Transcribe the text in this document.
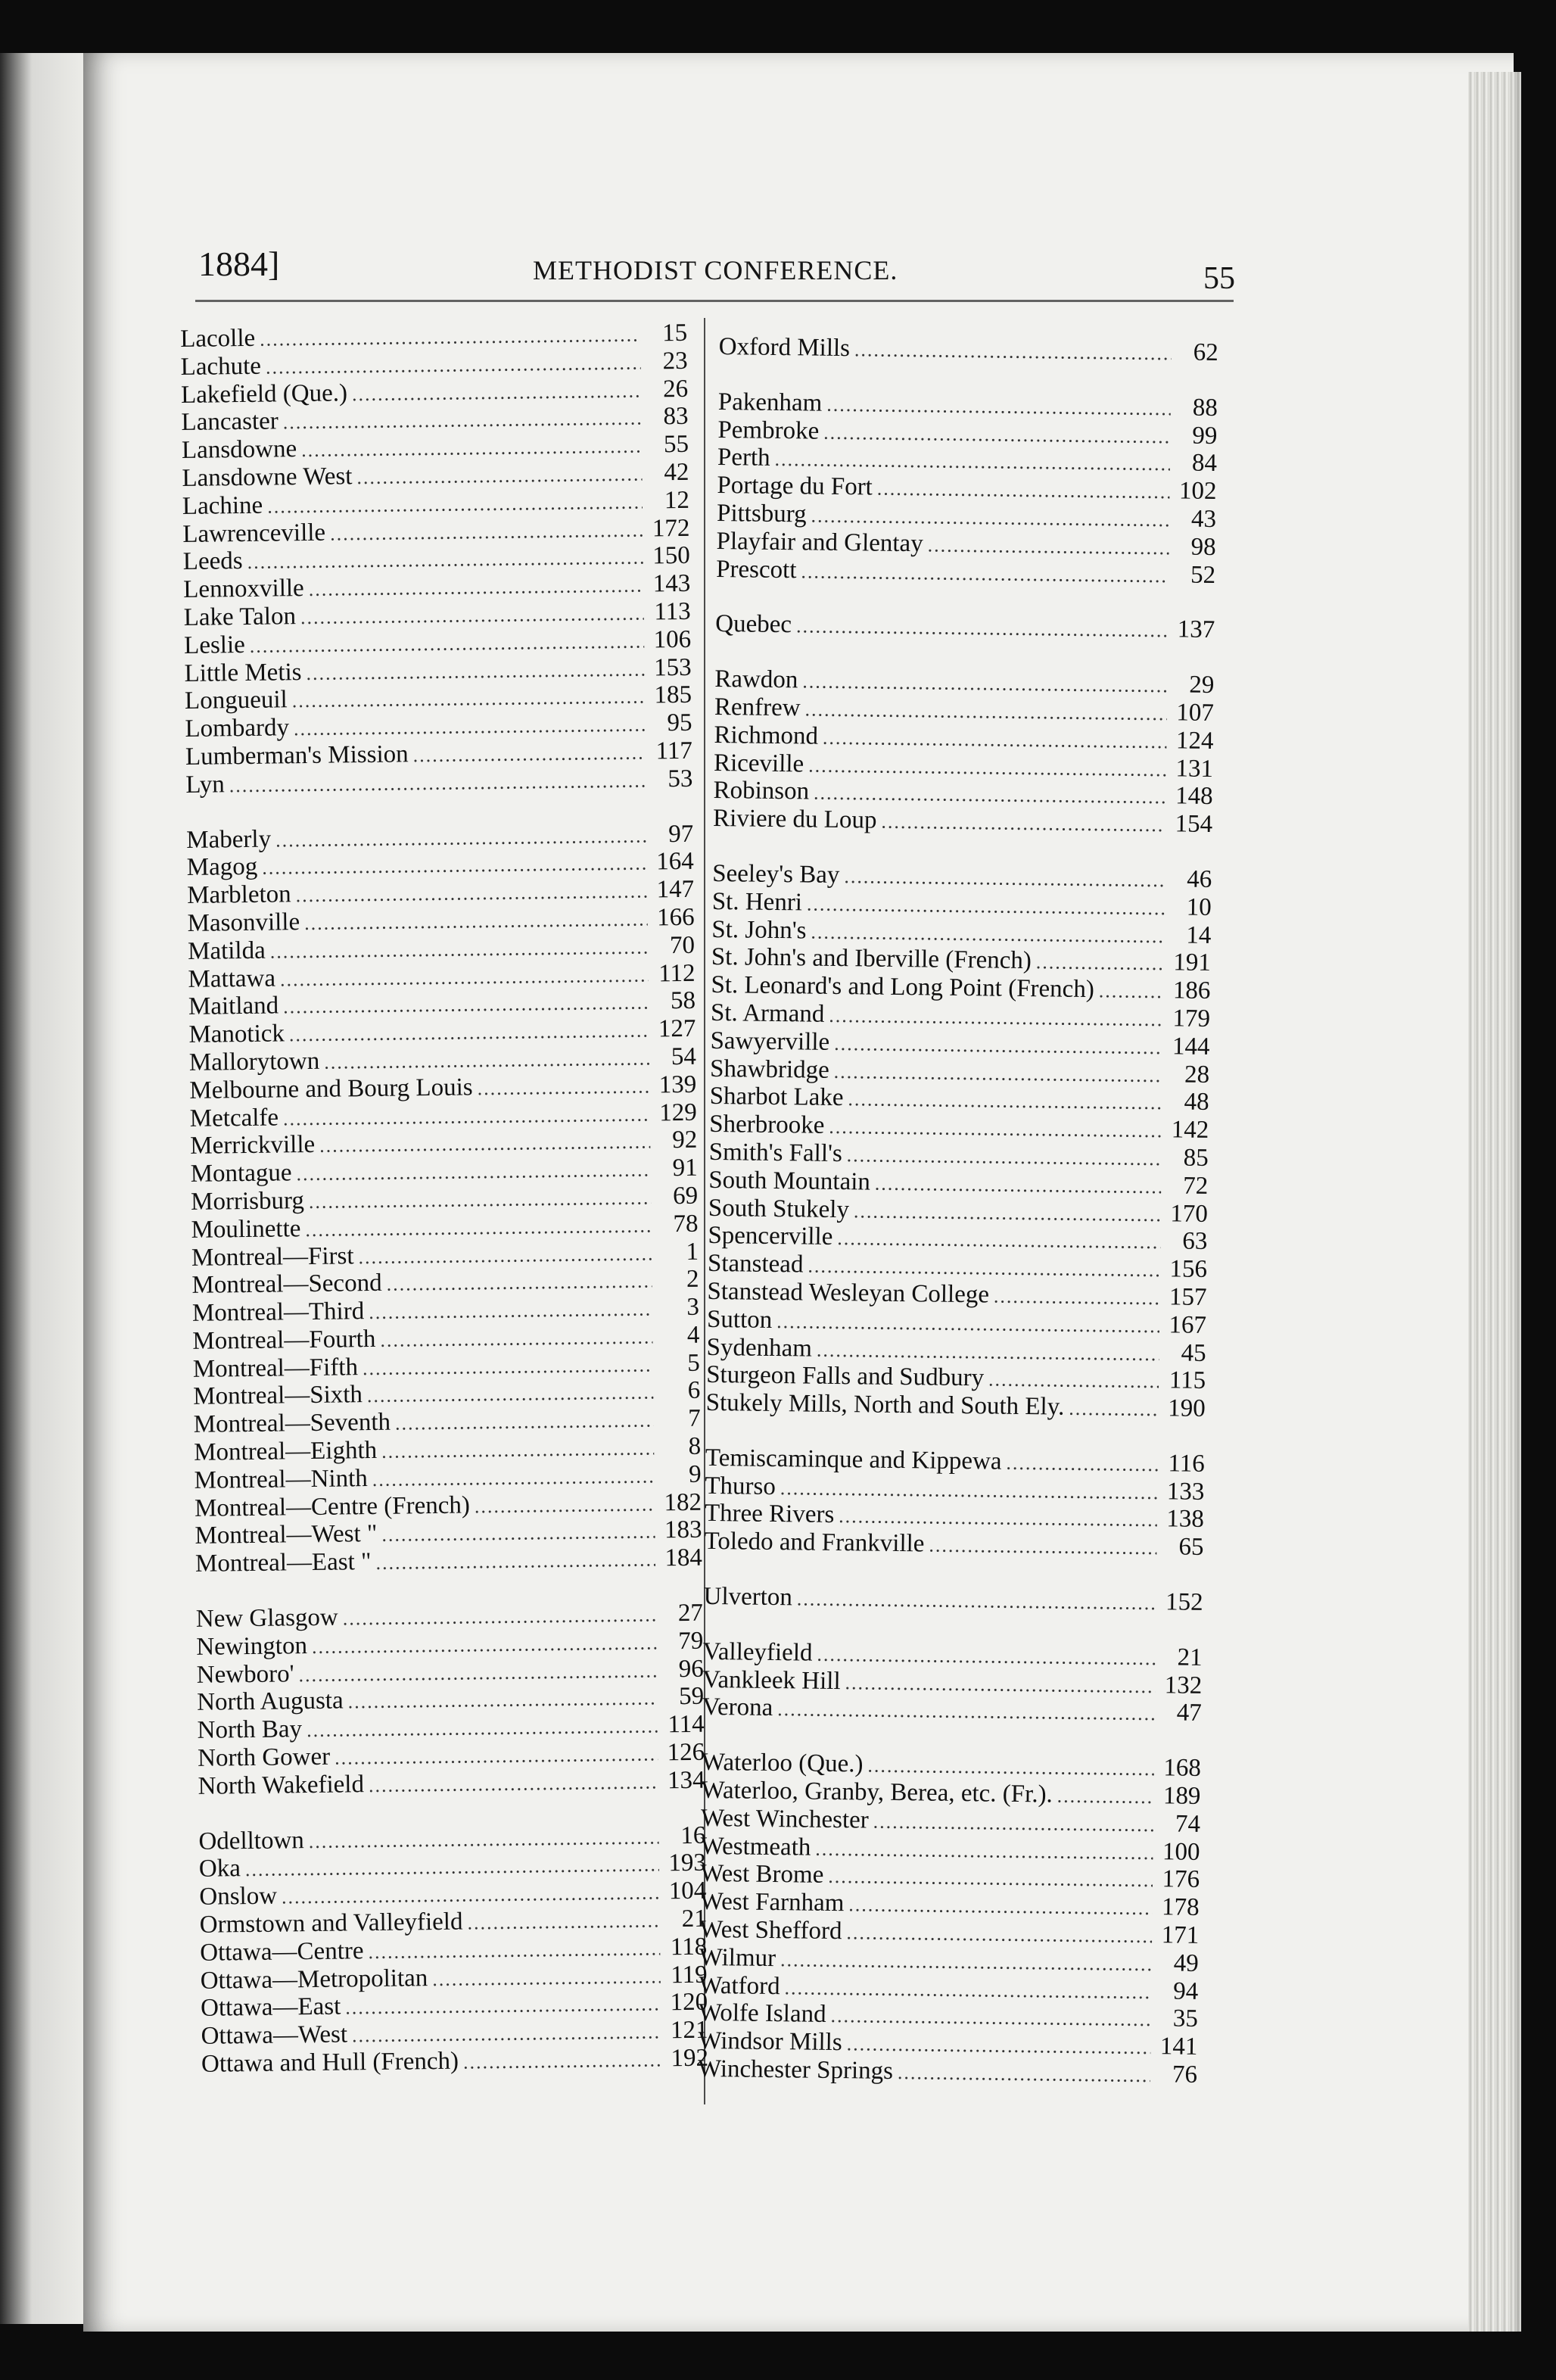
1884]	METHODIST CONFERENCE.	55
Lacolle .....	15
Lachute .....	23
Lakefield (Que.) .....	26
Lancaster .....	83
Lansdowne .....	55
Lansdowne West .....	42
Lachine .....	12
Lawrenceville .....	172
Leeds .....	150
Lennoxville .....	143
Lake Talon .....	113
Leslie .....	106
Little Metis .....	153
Longueuil .....	185
Lombardy .....	95
Lumberman's Mission .....	117
Lyn .....	53
Maberly .....	97
Magog .....	164
Marbleton .....	147
Masonville .....	166
Matilda .....	70
Mattawa .....	112
Maitland .....	58
Manotick .....	127
Mallorytown .....	54
Melbourne and Bourg Louis .....	139
Metcalfe .....	129
Merrickville .....	92
Montague .....	91
Morrisburg .....	69
Moulinette .....	78
Montreal—First .....	1
Montreal—Second .....	2
Montreal—Third .....	3
Montreal—Fourth .....	4
Montreal—Fifth .....	5
Montreal—Sixth .....	6
Montreal—Seventh .....	7
Montreal—Eighth .....	8
Montreal—Ninth .....	9
Montreal—Centre (French) .....	182
Montreal—West " .....	183
Montreal—East " .....	184
New Glasgow .....	27
Newington .....	79
Newboro' .....	96
North Augusta .....	59
North Bay .....	114
North Gower .....	126
North Wakefield .....	134
Odelltown .....	16
Oka .....	193
Onslow .....	104
Ormstown and Valleyfield .....	21
Ottawa—Centre .....	118
Ottawa—Metropolitan .....	119
Ottawa—East .....	120
Ottawa—West .....	121
Ottawa and Hull (French) .....	192
Oxford Mills .....	62
Pakenham .....	88
Pembroke .....	99
Perth .....	84
Portage du Fort .....	102
Pittsburg .....	43
Playfair and Glentay .....	98
Prescott .....	52
Quebec .....	137
Rawdon .....	29
Renfrew .....	107
Richmond .....	124
Riceville .....	131
Robinson .....	148
Riviere du Loup .....	154
Seeley's Bay .....	46
St. Henri .....	10
St. John's .....	14
St. John's and Iberville (French) .....	191
St. Leonard's and Long Point (French) .....	186
St. Armand .....	179
Sawyerville .....	144
Shawbridge .....	28
Sharbot Lake .....	48
Sherbrooke .....	142
Smith's Fall's .....	85
South Mountain .....	72
South Stukely .....	170
Spencerville .....	63
Stanstead .....	156
Stanstead Wesleyan College .....	157
Sutton .....	167
Sydenham .....	45
Sturgeon Falls and Sudbury .....	115
Stukely Mills, North and South Ely. .....	190
Temiscaminque and Kippewa .....	116
Thurso .....	133
Three Rivers .....	138
Toledo and Frankville .....	65
Ulverton .....	152
Valleyfield .....	21
Vankleek Hill .....	132
Verona .....	47
Waterloo (Que.) .....	168
Waterloo, Granby, Berea, etc. (Fr.). .....	189
West Winchester .....	74
Westmeath .....	100
West Brome .....	176
West Farnham .....	178
West Shefford .....	171
Wilmur .....	49
Watford .....	94
Wolfe Island .....	35
Windsor Mills .....	141
Winchester Springs .....	76
